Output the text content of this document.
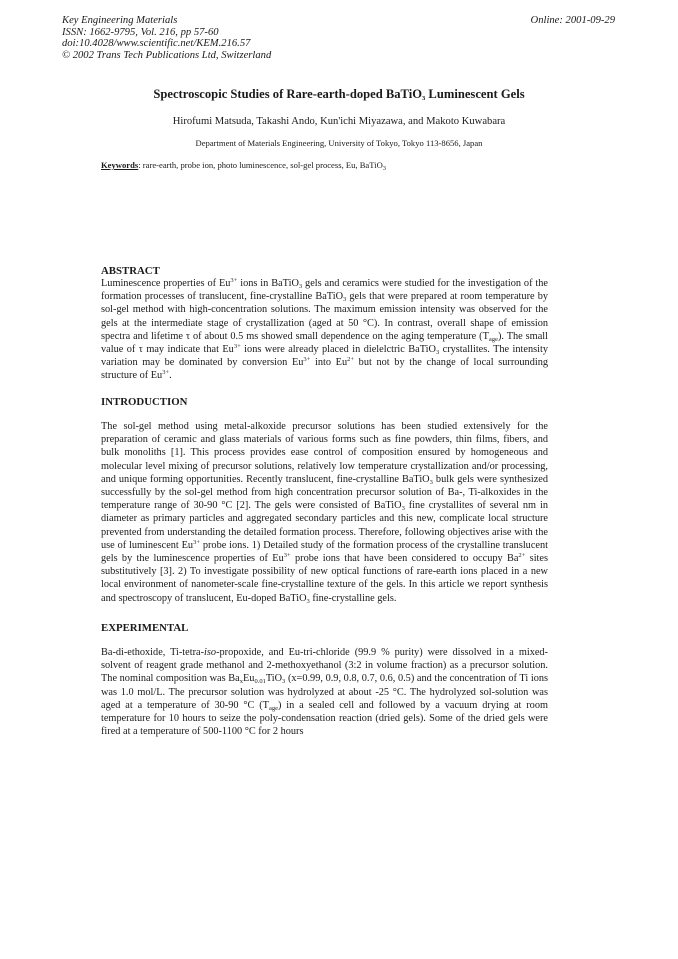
Key Engineering Materials
ISSN: 1662-9795, Vol. 216, pp 57-60
doi:10.4028/www.scientific.net/KEM.216.57
© 2002 Trans Tech Publications Ltd, Switzerland
Online: 2001-09-29
Spectroscopic Studies of Rare-earth-doped BaTiO$_3$ Luminescent Gels
Hirofumi Matsuda, Takashi Ando, Kun'ichi Miyazawa, and Makoto Kuwabara
Department of Materials Engineering, University of Tokyo, Tokyo 113-8656, Japan
Keywords: rare-earth, probe ion, photo luminescence, sol-gel process, Eu, BaTiO$_3$
ABSTRACT
Luminescence properties of $Eu^{3+}$ ions in BaTiO$_3$ gels and ceramics were studied for the investigation of the formation processes of translucent, fine-crystalline BaTiO$_3$ gels that were prepared at room temperature by sol-gel method with high-concentration solutions. The maximum emission intensity was observed for the gels at the intermediate stage of crystallization (aged at 50 °C). In contrast, overall shape of emission spectra and lifetime τ of about 0.5 ms showed small dependence on the aging temperature $(T_{age})$. The small value of τ may indicate that $Eu^{3+}$ ions were already placed in dielelctric BaTiO$_3$ crystallites. The intensity variation may be dominated by conversion $Eu^{3+}$ into $Eu^{2+}$ but not by the change of local surrounding structure of $Eu^{3+}$.
INTRODUCTION
The sol-gel method using metal-alkoxide precursor solutions has been studied extensively for the preparation of ceramic and glass materials of various forms such as fine powders, thin films, fibers, and bulk monoliths [1]. This process provides ease control of composition ensured by homogeneous and molecular level mixing of precursor solutions, relatively low temperature crystallization and/or processing, and unique forming opportunities. Recently translucent, fine-crystalline BaTiO$_3$ bulk gels were synthesized successfully by the sol-gel method from high concentration precursor solution of Ba-, Ti-alkoxides in the temperature range of 30-90 °C [2]. The gels were consisted of BaTiO$_3$ fine crystallites of several nm in diameter as primary particles and aggregated secondary particles and this new, complicate local structure prevented from understanding the detailed formation process. Therefore, following objectives arise with the use of luminescent $Eu^{3+}$ probe ions. 1) Detailed study of the formation process of the crystalline translucent gels by the luminescence properties of $Eu^{3+}$ probe ions that have been considered to occupy $Ba^{2+}$ sites substitutively [3]. 2) To investigate possibility of new optical functions of rare-earth ions placed in a new local environment of nanometer-scale fine-crystalline texture of the gels. In this article we report synthesis and spectroscopy of translucent, Eu-doped BaTiO$_3$ fine-crystalline gels.
EXPERIMENTAL
Ba-di-ethoxide, Ti-tetra-iso-propoxide, and Eu-tri-chloride (99.9 % purity) were dissolved in a mixed-solvent of reagent grade methanol and 2-methoxyethanol (3:2 in volume fraction) as a precursor solution. The nominal composition was $Ba_xEu_{0.01}TiO_3$ (x=0.99, 0.9, 0.8, 0.7, 0.6, 0.5) and the concentration of Ti ions was 1.0 mol/L. The precursor solution was hydrolyzed at about -25 °C. The hydrolyzed sol-solution was aged at a temperature of 30-90 °C $(T_{age})$ in a sealed cell and followed by a vacuum drying at room temperature for 10 hours to seize the poly-condensation reaction (dried gels). Some of the dried gels were fired at a temperature of 500-1100 °C for 2 hours
